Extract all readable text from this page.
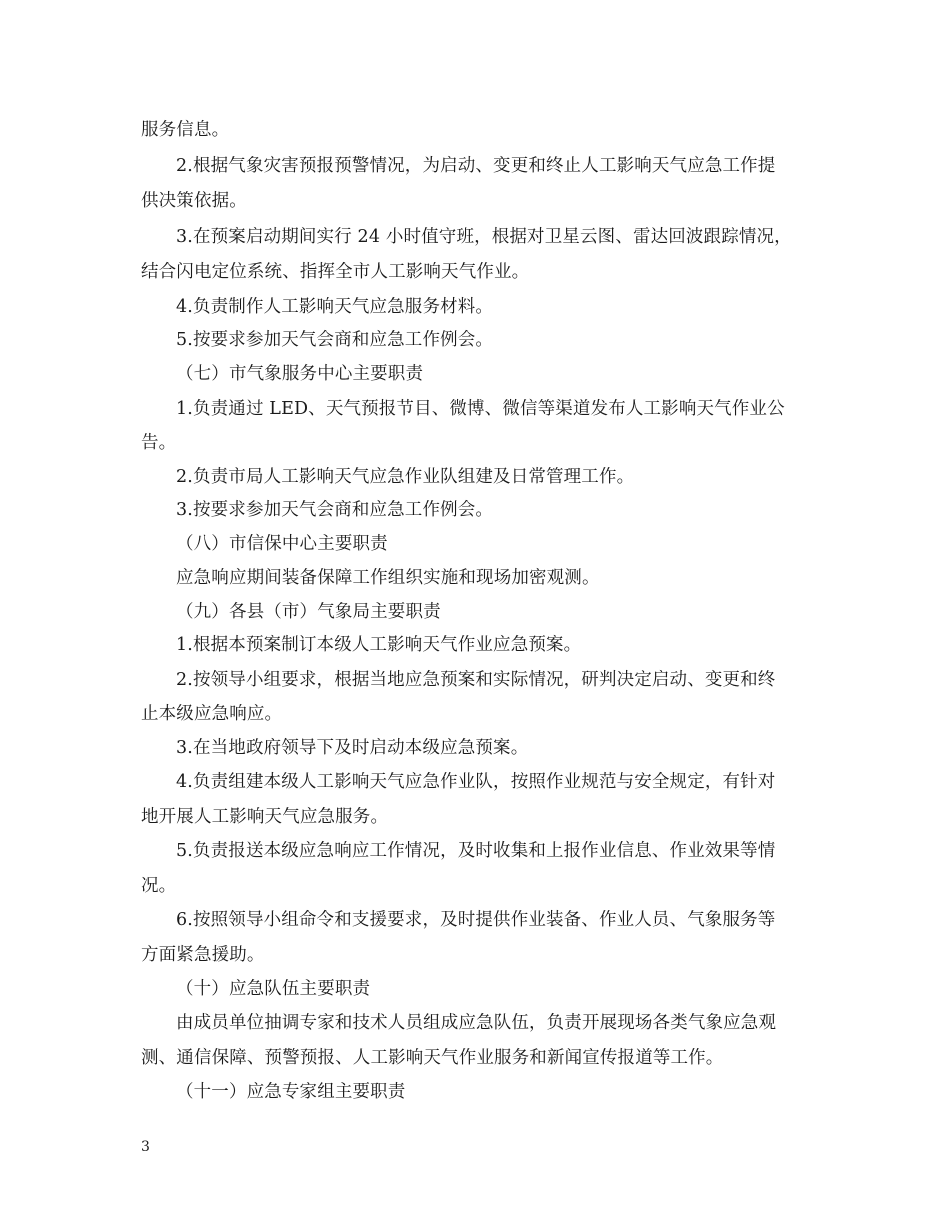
服务信息。
2.根据气象灾害预报预警情况，为启动、变更和终止人工影响天气应急工作提
供决策依据。
3.在预案启动期间实行 24 小时值守班，根据对卫星云图、雷达回波跟踪情况，
结合闪电定位系统、指挥全市人工影响天气作业。
4.负责制作人工影响天气应急服务材料。
5.按要求参加天气会商和应急工作例会。
（七）市气象服务中心主要职责
1.负责通过 LED、天气预报节目、微博、微信等渠道发布人工影响天气作业公
告。
2.负责市局人工影响天气应急作业队组建及日常管理工作。
3.按要求参加天气会商和应急工作例会。
（八）市信保中心主要职责
应急响应期间装备保障工作组织实施和现场加密观测。
（九）各县（市）气象局主要职责
1.根据本预案制订本级人工影响天气作业应急预案。
2.按领导小组要求，根据当地应急预案和实际情况，研判决定启动、变更和终
止本级应急响应。
3.在当地政府领导下及时启动本级应急预案。
4.负责组建本级人工影响天气应急作业队，按照作业规范与安全规定，有针对
地开展人工影响天气应急服务。
5.负责报送本级应急响应工作情况，及时收集和上报作业信息、作业效果等情
况。
6.按照领导小组命令和支援要求，及时提供作业装备、作业人员、气象服务等
方面紧急援助。
（十）应急队伍主要职责
由成员单位抽调专家和技术人员组成应急队伍，负责开展现场各类气象应急观
测、通信保障、预警预报、人工影响天气作业服务和新闻宣传报道等工作。
（十一）应急专家组主要职责
3
